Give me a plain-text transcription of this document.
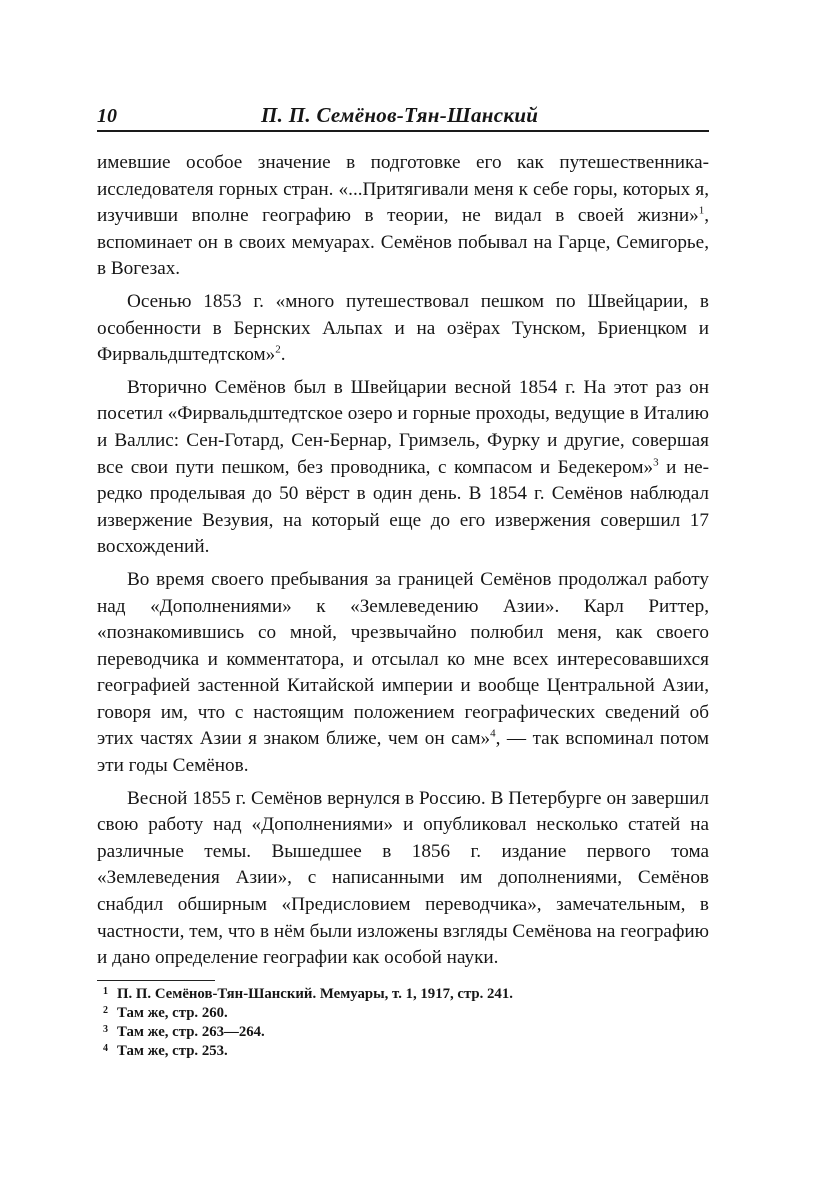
10	П. П. Семёнов-Тян-Шанский

имевшие особое значение в подготовке его как путешественника-исследователя горных стран. «...Притягивали меня к себе горы, которых я, изучивши вполне географию в теории, не видал в своей жизни»$^1$, вспоминает он в своих мемуарах. Семёнов побывал на Гарце, Семигорье, в Вогезах.

Осенью 1853 г. «много путешествовал пешком по Швейцарии, в особенности в Бернских Альпах и на озёрах Тунском, Бриенцком и Фирвальдштедтском»$^2$.

Вторично Семёнов был в Швейцарии весной 1854 г. На этот раз он посетил «Фирвальдштедтское озеро и горные проходы, ведущие в Италию и Валлис: Сен-Готард, Сен-Бернар, Гримзель, Фурку и другие, совершая все свои пути пешком, без проводника, с компасом и Бедекером»$^3$ и нередко проделывая до 50 вёрст в один день. В 1854 г. Семёнов наблюдал извержение Везувия, на который еще до его извержения совершил 17 восхождений.

Во время своего пребывания за границей Семёнов продолжал работу над «Дополнениями» к «Землеведению Азии». Карл Риттер, «познакомившись со мной, чрезвычайно полюбил меня, как своего переводчика и комментатора, и отсылал ко мне всех интересовавшихся географией застенной Китайской империи и вообще Центральной Азии, говоря им, что с настоящим положением географических сведений об этих частях Азии я знаком ближе, чем он сам»$^4$, — так вспоминал потом эти годы Семёнов.

Весной 1855 г. Семёнов вернулся в Россию. В Петербурге он завершил свою работу над «Дополнениями» и опубликовал несколько статей на различные темы. Вышедшее в 1856 г. издание первого тома «Землеведения Азии», с написанными им дополнениями, Семёнов снабдил обширным «Предисловием переводчика», замечательным, в частности, тем, что в нём были изложены взгляды Семёнова на географию и дано определение географии как особой науки.

1 П. П. Семёнов-Тян-Шанский. Мемуары, т. 1, 1917, стр. 241.
2 Там же, стр. 260.
3 Там же, стр. 263—264.
4 Там же, стр. 253.
